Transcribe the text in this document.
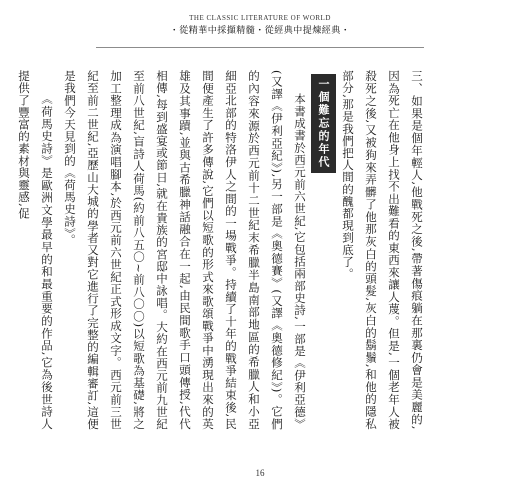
THE CLASSIC LITERATURE OF WORLD
・從精華中採擷精髓・從經典中提煉經典・

三、如果是個年輕人,他戰死之後,帶著傷痕躺在那裏仍會是美麗的,因為死亡在他身上找不出難看的東西來讓人蔑。但是,一個老年人被殺死之後,又被狗來弄髒了他那灰白的頭髮,灰白的鬍鬚,和他的隱私部分,那是我們把人間的醜都現到底了。

一個難忘的年代

本書成書於西元前六世紀,它包括兩部史詩,一部是《伊利亞德》(又譯《伊利亞紀》),另一部是《奧德賽》(又譯《奧德修紀》)。它們的內容來源於西元前十二世紀末希臘半島南部地區的希臘人和小亞細亞北部的特洛伊人之間的一場戰爭。持續了十年的戰爭結束後,民間便產生了許多傳說,它們以短歌的形式來歌頌戰爭中湧現出來的英雄及其事蹟,並與古希臘神話融合在一起,由民間歌手口頭傳授,代代相傳,每到盛宴或節日,就在貴族的宮邸中詠唱。大約在西元前九世紀至前八世紀,盲詩人荷馬(約前八五〇~前八〇〇)以短歌為基礎,將之加工整理成為演唱腳本,於西元前六世紀正式形成文字。西元前三世紀至前二世紀,亞歷山大城的學者又對它進行了完整的編輯審訂,這便是我們今天見到的《荷馬史詩》。

《荷馬史詩》是歐洲文學最早的和最重要的作品,它為後世詩人提供了豐富的素材與靈感,促

16
